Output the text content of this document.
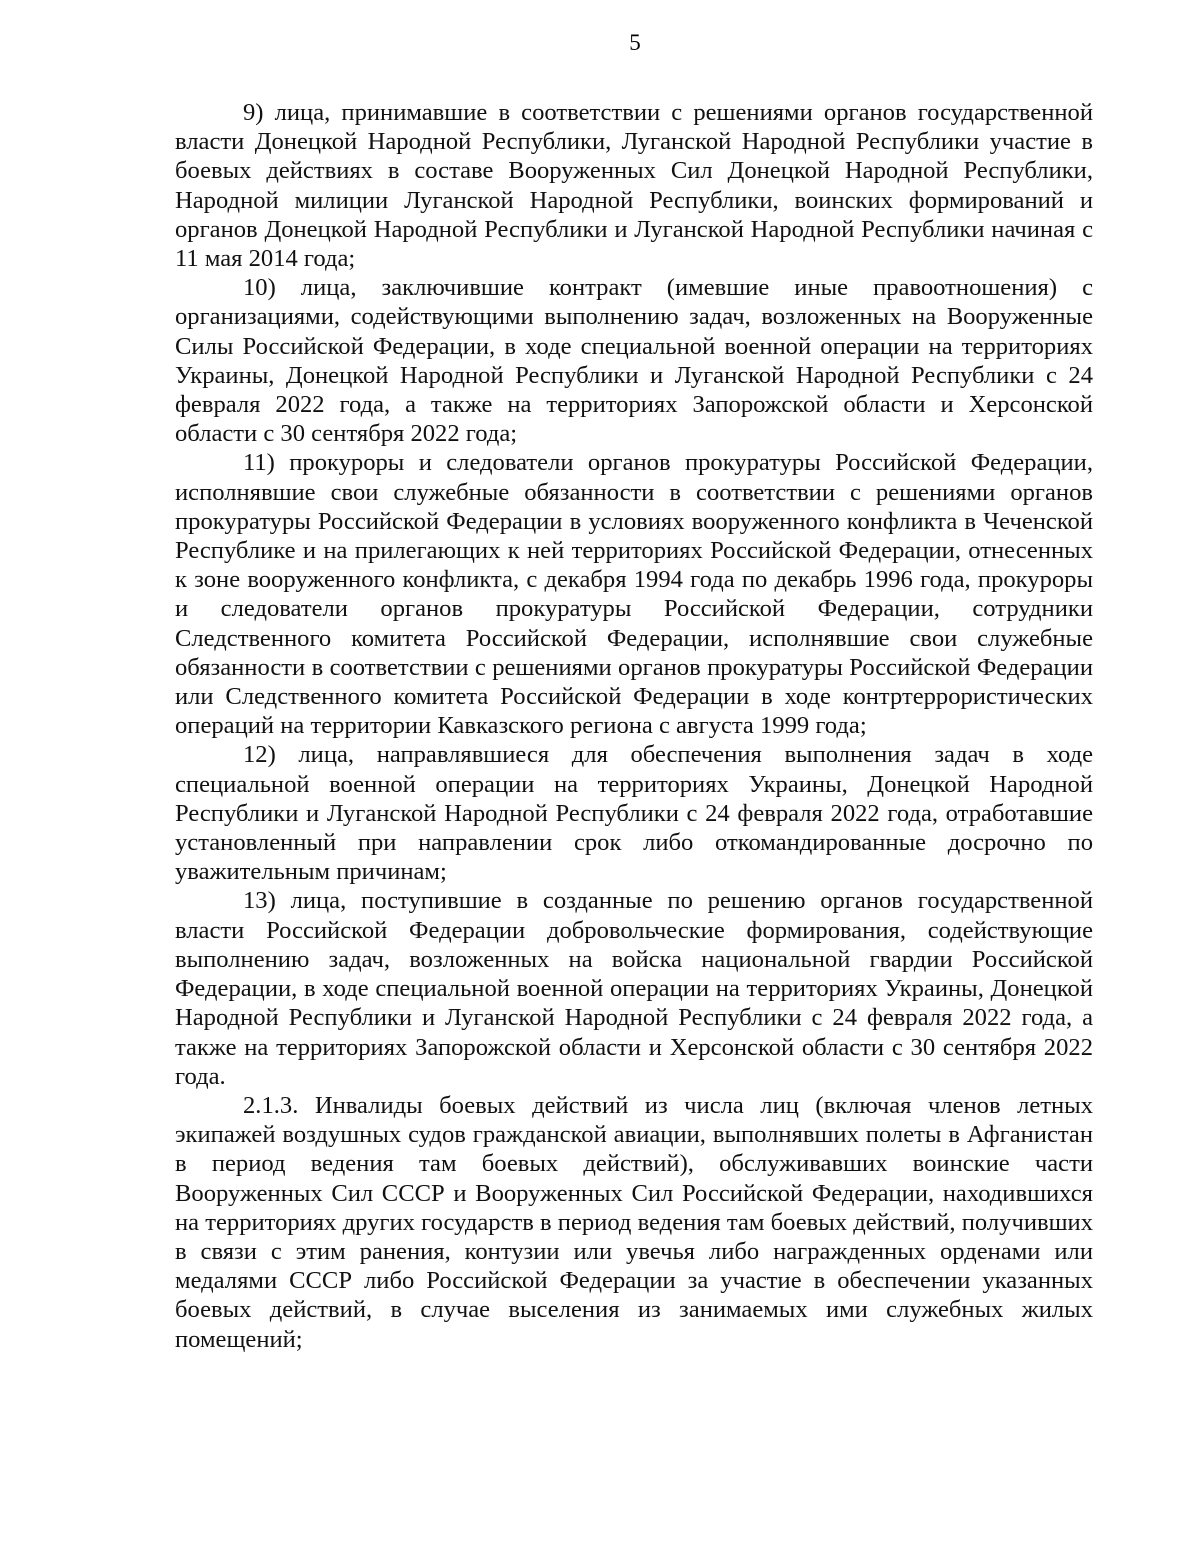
5

9) лица, принимавшие в соответствии с решениями органов государственной власти Донецкой Народной Республики, Луганской Народной Республики участие в боевых действиях в составе Вооруженных Сил Донецкой Народной Республики, Народной милиции Луганской Народной Республики, воинских формирований и органов Донецкой Народной Республики и Луганской Народной Республики начиная с 11 мая 2014 года;

10) лица, заключившие контракт (имевшие иные правоотношения) с организациями, содействующими выполнению задач, возложенных на Вооруженные Силы Российской Федерации, в ходе специальной военной операции на территориях Украины, Донецкой Народной Республики и Луганской Народной Республики с 24 февраля 2022 года, а также на территориях Запорожской области и Херсонской области с 30 сентября 2022 года;

11) прокуроры и следователи органов прокуратуры Российской Федерации, исполнявшие свои служебные обязанности в соответствии с решениями органов прокуратуры Российской Федерации в условиях вооруженного конфликта в Чеченской Республике и на прилегающих к ней территориях Российской Федерации, отнесенных к зоне вооруженного конфликта, с декабря 1994 года по декабрь 1996 года, прокуроры и следователи органов прокуратуры Российской Федерации, сотрудники Следственного комитета Российской Федерации, исполнявшие свои служебные обязанности в соответствии с решениями органов прокуратуры Российской Федерации или Следственного комитета Российской Федерации в ходе контртеррористических операций на территории Кавказского региона с августа 1999 года;

12) лица, направлявшиеся для обеспечения выполнения задач в ходе специальной военной операции на территориях Украины, Донецкой Народной Республики и Луганской Народной Республики с 24 февраля 2022 года, отработавшие установленный при направлении срок либо откомандированные досрочно по уважительным причинам;

13) лица, поступившие в созданные по решению органов государственной власти Российской Федерации добровольческие формирования, содействующие выполнению задач, возложенных на войска национальной гвардии Российской Федерации, в ходе специальной военной операции на территориях Украины, Донецкой Народной Республики и Луганской Народной Республики с 24 февраля 2022 года, а также на территориях Запорожской области и Херсонской области с 30 сентября 2022 года.

2.1.3. Инвалиды боевых действий из числа лиц (включая членов летных экипажей воздушных судов гражданской авиации, выполнявших полеты в Афганистан в период ведения там боевых действий), обслуживавших воинские части Вооруженных Сил СССР и Вооруженных Сил Российской Федерации, находившихся на территориях других государств в период ведения там боевых действий, получивших в связи с этим ранения, контузии или увечья либо награжденных орденами или медалями СССР либо Российской Федерации за участие в обеспечении указанных боевых действий, в случае выселения из занимаемых ими служебных жилых помещений;
